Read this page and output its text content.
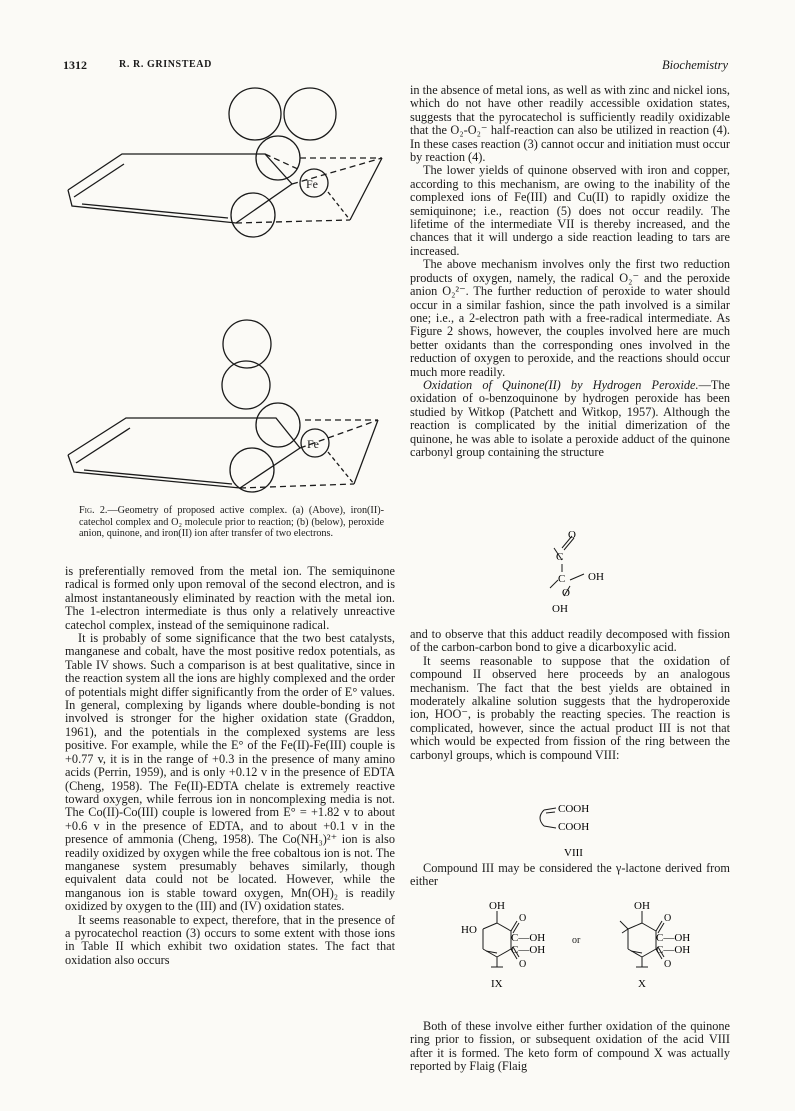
1312	R. R. GRINSTEAD	Biochemistry
Fe
Fe
Fig. 2.—Geometry of proposed active complex. (a) (Above), iron(II)-catechol complex and O₂ molecule prior to reaction; (b) (below), peroxide anion, quinone, and iron(II) ion after transfer of two electrons.

is preferentially removed from the metal ion. The semiquinone radical is formed only upon removal of the second electron, and is almost instantaneously eliminated by reaction with the metal ion. The 1-electron intermediate is thus only a relatively unreactive catechol complex, instead of the semiquinone radical.

It is probably of some significance that the two best catalysts, manganese and cobalt, have the most positive redox potentials, as Table IV shows. Such a comparison is at best qualitative, since in the reaction system all the ions are highly complexed and the order of potentials might differ significantly from the order of E° values. In general, complexing by ligands where double-bonding is not involved is stronger for the higher oxidation state (Graddon, 1961), and the potentials in the complexed systems are less positive. For example, while the E° of the Fe(II)-Fe(III) couple is +0.77 v, it is in the range of +0.3 in the presence of many amino acids (Perrin, 1959), and is only +0.12 v in the presence of EDTA (Cheng, 1958). The Fe(II)-EDTA chelate is extremely reactive toward oxygen, while ferrous ion in noncomplexing media is not. The Co(II)-Co(III) couple is lowered from E° = +1.82 v to about +0.6 v in the presence of EDTA, and to about +0.1 v in the presence of ammonia (Cheng, 1958). The Co(NH₃)²⁺ ion is also readily oxidized by oxygen while the free cobaltous ion is not. The manganese system presumably behaves similarly, though equivalent data could not be located. However, while the manganous ion is stable toward oxygen, Mn(OH)₂ is readily oxidized by oxygen to the (III) and (IV) oxidation states.

It seems reasonable to expect, therefore, that in the presence of a pyrocatechol reaction (3) occurs to some extent with those ions in Table II which exhibit two oxidation states. The fact that oxidation also occurs

in the absence of metal ions, as well as with zinc and nickel ions, which do not have other readily accessible oxidation states, suggests that the pyrocatechol is sufficiently readily oxidizable that the O₂-O₂⁻ half-reaction can also be utilized in reaction (4). In these cases reaction (3) cannot occur and initiation must occur by reaction (4).

The lower yields of quinone observed with iron and copper, according to this mechanism, are owing to the inability of the complexed ions of Fe(III) and Cu(II) to rapidly oxidize the semiquinone; i.e., reaction (5) does not occur readily. The lifetime of the intermediate VII is thereby increased, and the chances that it will undergo a side reaction leading to tars are increased.

The above mechanism involves only the first two reduction products of oxygen, namely, the radical O₂⁻ and the peroxide anion O₂²⁻. The further reduction of peroxide to water should occur in a similar fashion, since the path involved is a similar one; i.e., a 2-electron path with a free-radical intermediate. As Figure 2 shows, however, the couples involved here are much better oxidants than the corresponding ones involved in the reduction of oxygen to peroxide, and the reactions should occur much more readily.

Oxidation of Quinone(II) by Hydrogen Peroxide.—The oxidation of o-benzoquinone by hydrogen peroxide has been studied by Witkop (Patchett and Witkop, 1957). Although the reaction is complicated by the initial dimerization of the quinone, he was able to isolate a peroxide adduct of the quinone carbonyl group containing the structure

O
C
C OH
O
OH

and to observe that this adduct readily decomposed with fission of the carbon-carbon bond to give a dicarboxylic acid.

It seems reasonable to suppose that the oxidation of compound II observed here proceeds by an analogous mechanism. The fact that the best yields are obtained in moderately alkaline solution suggests that the hydroperoxide ion, HOO⁻, is probably the reacting species. The reaction is complicated, however, since the actual product III is not that which would be expected from fission of the ring between the carbonyl groups, which is compound VIII:

COOH
COOH
VIII

Compound III may be considered the γ-lactone derived from either

OH
HO
O
C—OH
C—OH
O
IX
or
OH
O
C—OH
C—OH
O
X

Both of these involve either further oxidation of the quinone ring prior to fission, or subsequent oxidation of the acid VIII after it is formed. The keto form of compound X was actually reported by Flaig (Flaig
